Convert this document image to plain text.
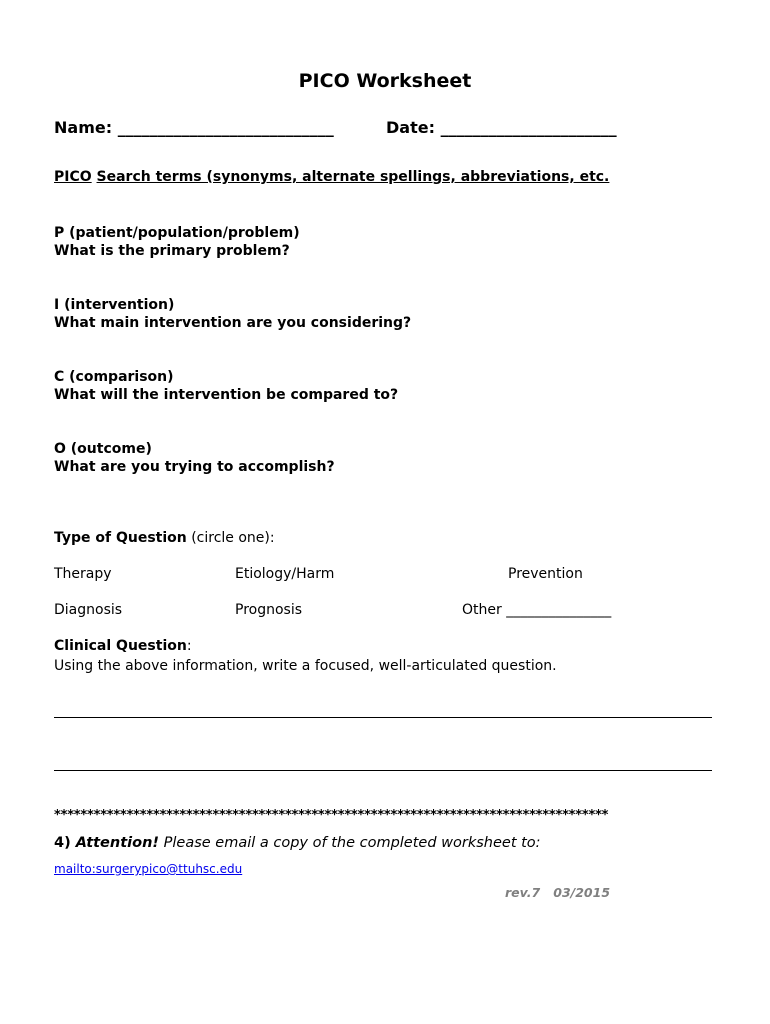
PICO Worksheet
Name: ___________________________	Date: ______________________
PICO Search terms (synonyms, alternate spellings, abbreviations, etc.
P (patient/population/problem)
What is the primary problem?
I (intervention)
What main intervention are you considering?
C (comparison)
What will the intervention be compared to?
O (outcome)
What are you trying to accomplish?
Type of Question (circle one):
Therapy	Etiology/Harm	Prevention
Diagnosis	Prognosis	Other _______________
Clinical Question:
Using the above information, write a focused, well-articulated question.
************************************************************************************
4) Attention! Please email a copy of the completed worksheet to:
mailto:surgerypico@ttuhsc.edu
rev.7   03/2015
